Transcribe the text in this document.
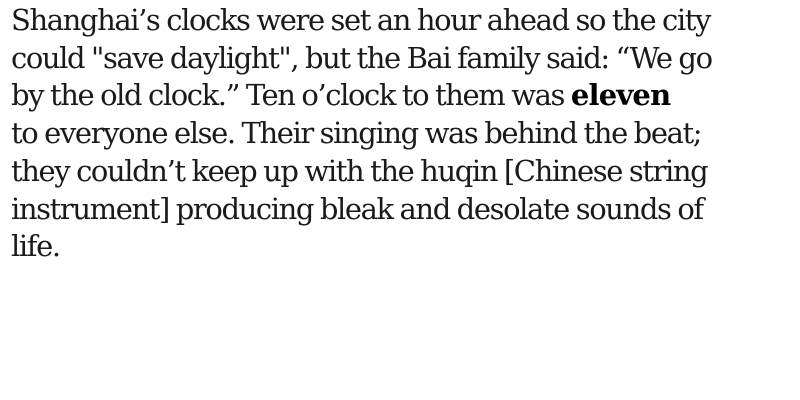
Shanghai’s clocks were set an hour ahead so the city
could "save daylight", but the Bai family said: “We go
by the old clock.” Ten o’clock to them was eleven
to everyone else. Their singing was behind the beat;
they couldn’t keep up with the huqin [Chinese string
instrument] producing bleak and desolate sounds of
life.
